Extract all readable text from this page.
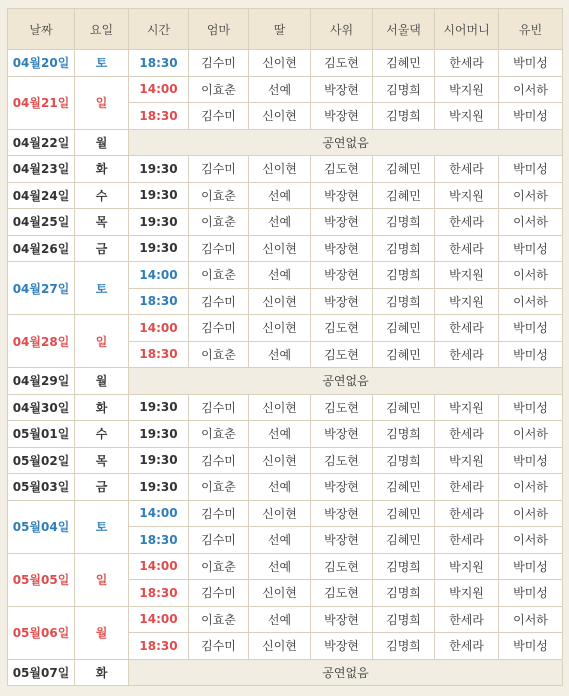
날짜	요일	시간	엄마	딸	사위	서울댁	시어머니	유빈
04월20일	토	18:30	김수미	신이현	김도현	김혜민	한세라	박미성
04월21일	일	14:00	이효춘	선예	박장현	김명희	박지원	이서하
		18:30	김수미	신이현	박장현	김명희	박지원	박미성
04월22일	월	공연없음						
04월23일	화	19:30	김수미	신이현	김도현	김혜민	한세라	박미성
04월24일	수	19:30	이효춘	선예	박장현	김혜민	박지원	이서하
04월25일	목	19:30	이효춘	선예	박장현	김명희	한세라	이서하
04월26일	금	19:30	김수미	신이현	박장현	김명희	한세라	박미성
04월27일	토	14:00	이효춘	선예	박장현	김명희	박지원	이서하
		18:30	김수미	신이현	박장현	김명희	박지원	이서하
04월28일	일	14:00	김수미	신이현	김도현	김혜민	한세라	박미성
		18:30	이효춘	선예	김도현	김혜민	한세라	박미성
04월29일	월	공연없음						
04월30일	화	19:30	김수미	신이현	김도현	김혜민	박지원	박미성
05월01일	수	19:30	이효춘	선예	박장현	김명희	한세라	이서하
05월02일	목	19:30	김수미	신이현	김도현	김명희	박지원	박미성
05월03일	금	19:30	이효춘	선예	박장현	김혜민	한세라	이서하
05월04일	토	14:00	김수미	신이현	박장현	김혜민	한세라	이서하
		18:30	김수미	선예	박장현	김혜민	한세라	이서하
05월05일	일	14:00	이효춘	선예	김도현	김명희	박지원	박미성
		18:30	김수미	신이현	김도현	김명희	박지원	박미성
05월06일	월	14:00	이효춘	선예	박장현	김명희	한세라	이서하
		18:30	김수미	신이현	박장현	김명희	한세라	박미성
05월07일	화	공연없음						
